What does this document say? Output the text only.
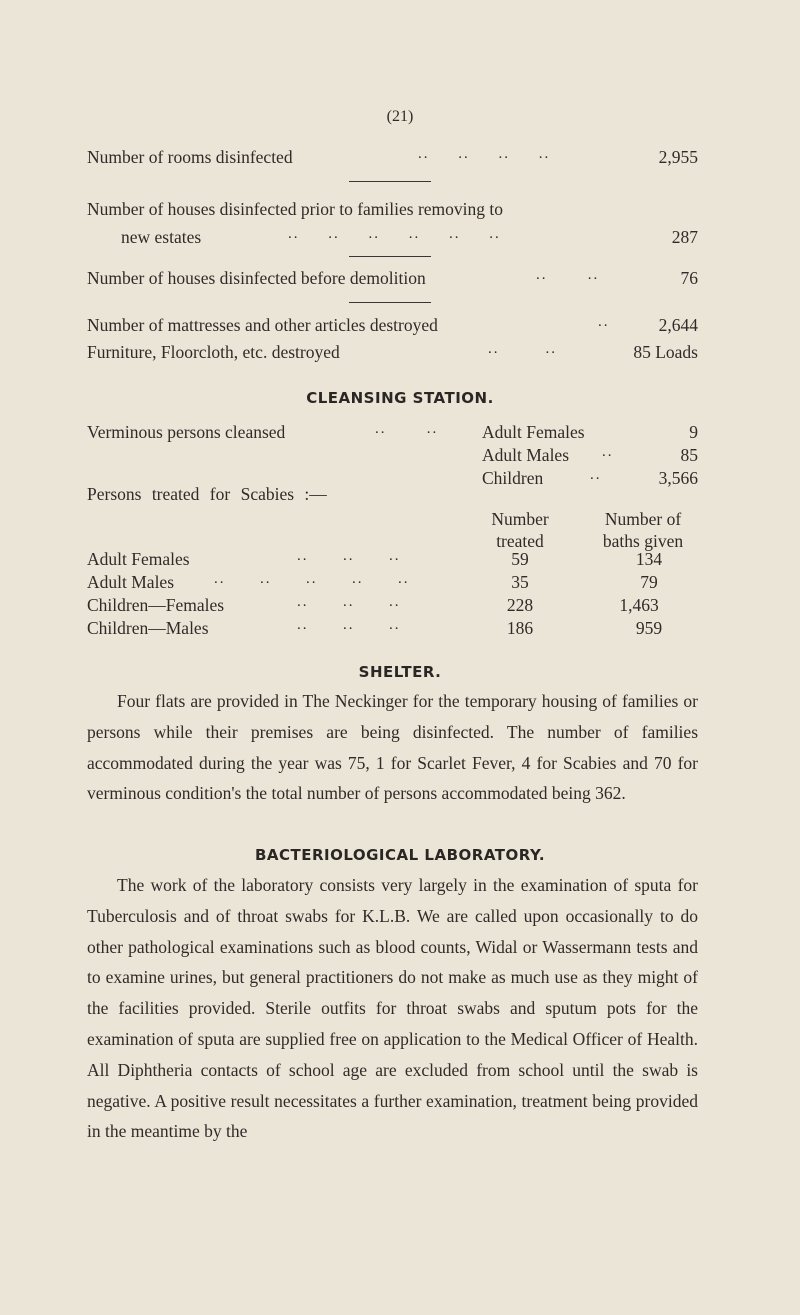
(21)
Number of rooms disinfected	..     ..     ..     ..	2,955
Number of houses disinfected prior to families removing to
new estates	..     ..     ..     ..     ..     ..	287
Number of houses disinfected before demolition	..       ..	76
Number of mattresses and other articles destroyed	..	2,644
Furniture, Floorcloth, etc. destroyed	..        ..	85 Loads
CLEANSING STATION.
Verminous persons cleansed	..       ..	Adult Females	9
Adult Males ..	85
Children	..	3,566
Persons treated for Scabies :—
Number
treated
Number of
baths given
Adult Females	..      ..      ..	59	134
Adult Males	..      ..      ..      ..      ..	35	79
Children—Females	..      ..      ..	228	1,463
Children—Males	..      ..      ..	186	959
SHELTER.

Four flats are provided in The Neckinger for the temporary housing of families or persons while their premises are being disinfected. The number of families accommodated during the year was 75, 1 for Scarlet Fever, 4 for Scabies and 70 for verminous condition's the total number of persons accommodated being 362.

BACTERIOLOGICAL LABORATORY.

The work of the laboratory consists very largely in the examination of sputa for Tuberculosis and of throat swabs for K.L.B. We are called upon occasionally to do other pathological examinations such as blood counts, Widal or Wassermann tests and to examine urines, but general practitioners do not make as much use as they might of the facilities provided. Sterile outfits for throat swabs and sputum pots for the examination of sputa are supplied free on application to the Medical Officer of Health. All Diphtheria contacts of school age are excluded from school until the swab is negative. A positive result necessitates a further examination, treatment being provided in the meantime by the
